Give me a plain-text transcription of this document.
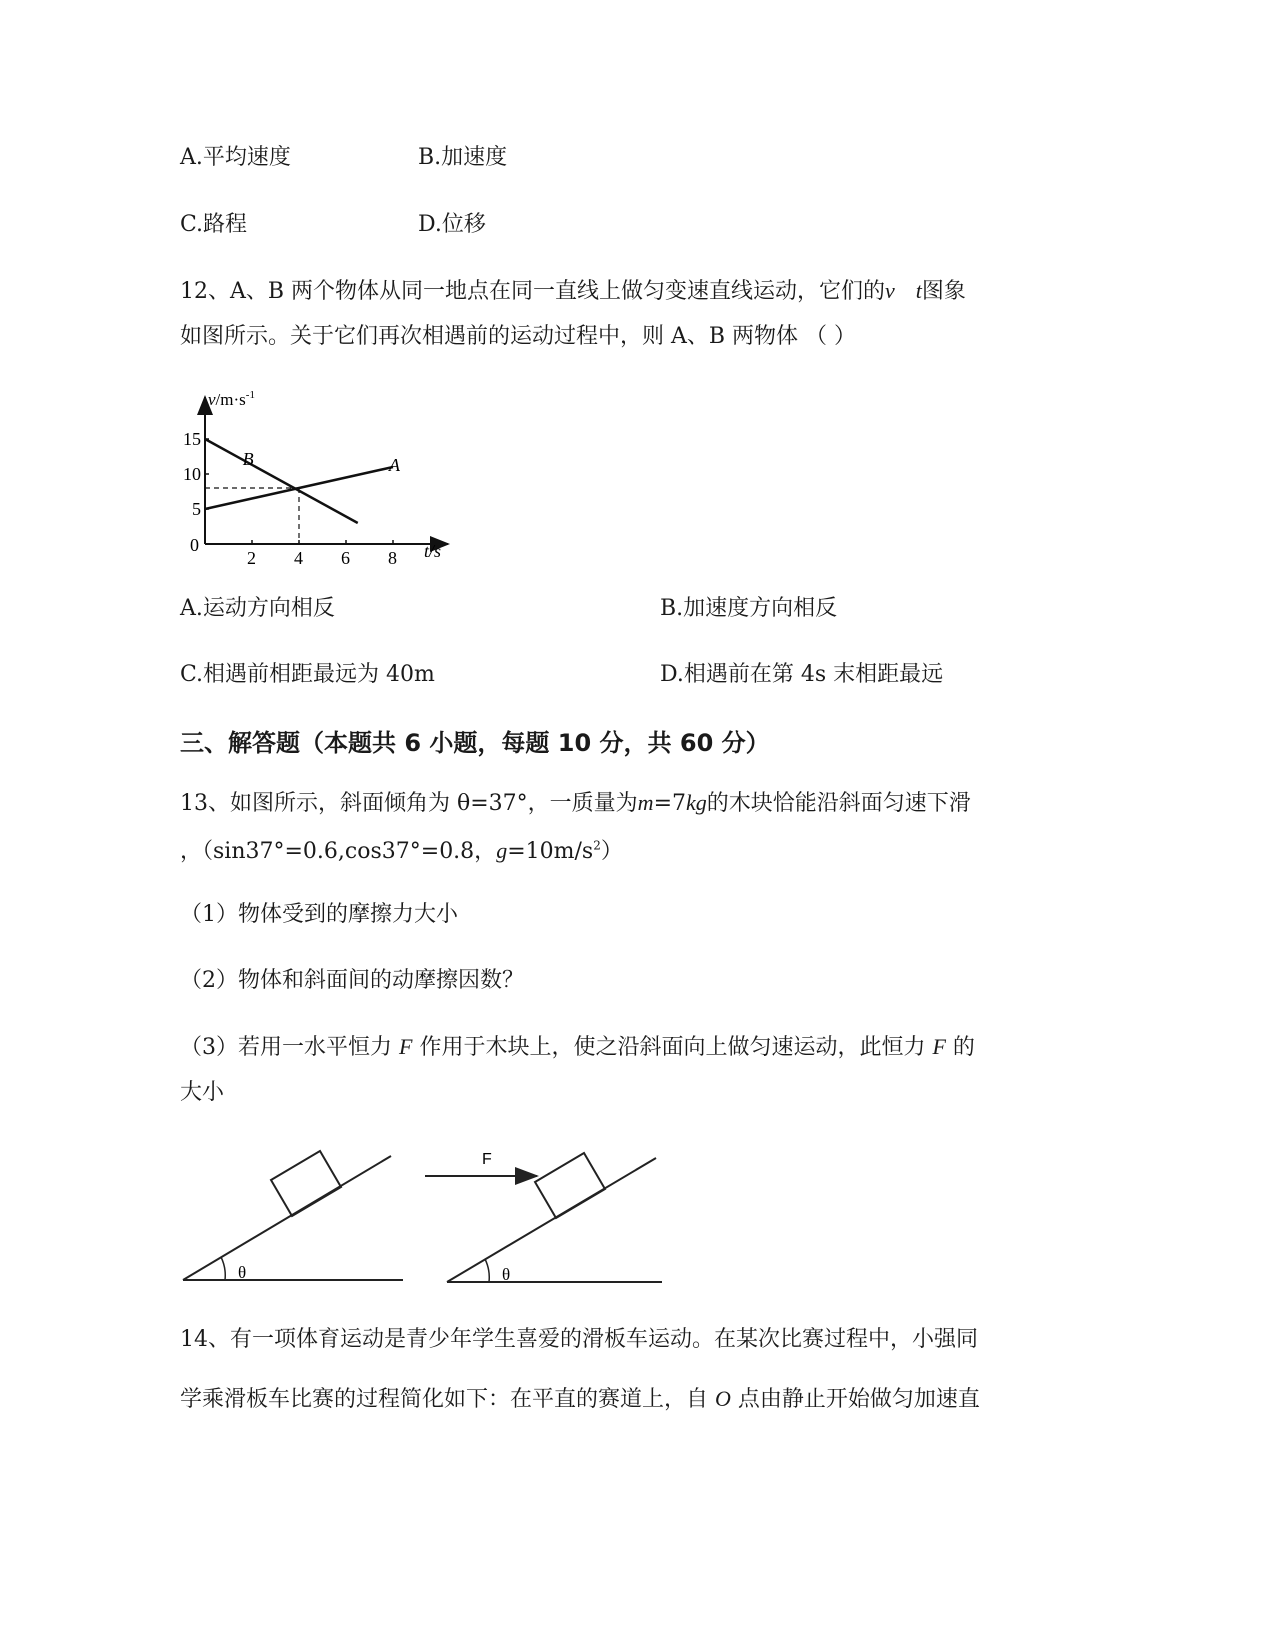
A.平均速度	B.加速度
C.路程	D.位移
12、A、B 两个物体从同一地点在同一直线上做匀变速直线运动，它们的v t图象
如图所示。关于它们再次相遇前的运动过程中，则 A、B 两物体 （ ）
2 4 6 8
5
10
15
A
B
$v/m\cdot s^{-1}$
t/s
0
A.运动方向相反	B.加速度方向相反
C.相遇前相距最远为 40m	D.相遇前在第 4s 末相距最远
三、解答题（本题共 6 小题，每题 10 分，共 60 分）
13、如图所示，斜面倾角为 θ=37°，一质量为m=7kg的木块恰能沿斜面匀速下滑
，（sin37°=0.6,cos37°=0.8，$g=10m/s^2$）
（1）物体受到的摩擦力大小
（2）物体和斜面间的动摩擦因数？
（3）若用一水平恒力 F 作用于木块上，使之沿斜面向上做匀速运动，此恒力 F 的
大小
θ	θ
F
14、有一项体育运动是青少年学生喜爱的滑板车运动。在某次比赛过程中，小强同
学乘滑板车比赛的过程简化如下：在平直的赛道上，自 O 点由静止开始做匀加速直
